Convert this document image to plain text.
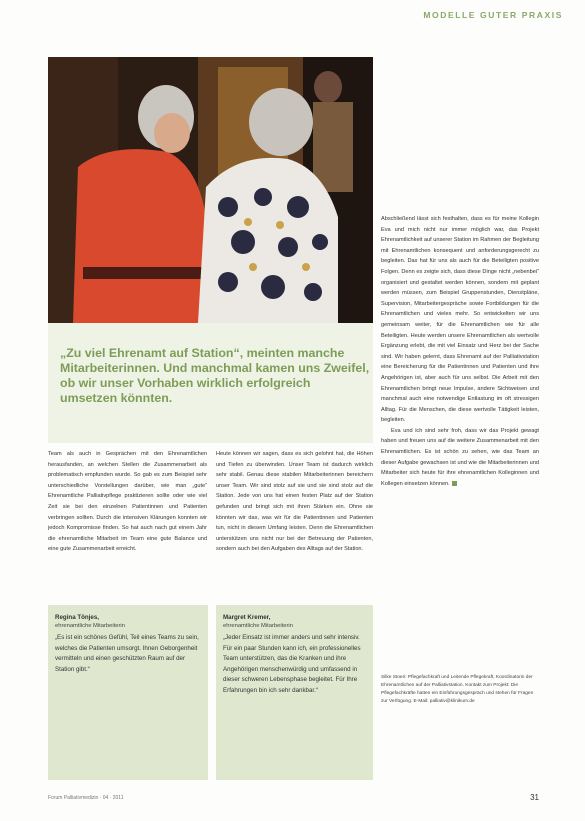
MODELLE GUTER PRAXIS

„Zu viel Ehrenamt auf Station“, meinten manche Mitarbeiterinnen. Und manchmal kamen uns Zweifel, ob wir unser Vorhaben wirklich erfolgreich umsetzen könnten.

Team als auch in Gesprächen mit den Ehrenamtlichen herausfanden, an welchen Stellen die Zusammenarbeit als problematisch empfunden wurde. So gab es zum Beispiel sehr unterschiedliche Vorstellungen darüber, wie man „gute“ Ehrenamtliche Palliativpflege praktizieren sollte oder wie viel Zeit sie bei den einzelnen Patientinnen und Patienten verbringen sollten. Durch die intensiven Klärungen konnten wir jedoch Kompromisse finden. So hat auch nach gut einem Jahr die ehrenamtliche Mitarbeit im Team eine gute Balance und eine gute Zusammenarbeit erreicht.

Heute können wir sagen, dass es sich gelohnt hat, die Höhen und Tiefen zu überwinden. Unser Team ist dadurch wirklich sehr stabil. Genau diese stabilen Mitarbeiterinnen bereichern unser Team. Wir sind stolz auf sie und sie sind stolz auf die Station. Jede von uns hat einen festen Platz auf der Station gefunden und bringt sich mit ihren Stärken ein. Ohne sie könnten wir das, was wir für die Patientinnen und Patienten tun, nicht in diesem Umfang leisten. Denn die Ehrenamtlichen unterstützen uns nicht nur bei der Betreuung der Patienten, sondern auch bei den Aufgaben des Alltags auf der Station.

Abschließend lässt sich festhalten, dass es für meine Kollegin Eva und mich nicht nur immer möglich war, das Projekt Ehrenamtlichkeit auf unserer Station im Rahmen der Begleitung mit Ehrenamtlichen konsequent und anforderungsgerecht zu begleiten. Das hat für uns als auch für die Beteiligten positive Folgen. Denn es zeigte sich, dass diese Dinge nicht „nebenbei“ organisiert und gestaltet werden können, sondern mit geplant werden müssen, zum Beispiel Gruppenstunden, Dienstpläne, Supervision, Mitarbeitergespräche sowie Fortbildungen für die Ehrenamtlichen und vieles mehr. So entwickelten wir uns gemeinsam weiter, für die Ehrenamtlichen wie für alle Beteiligten. Heute werden unsere Ehrenamtlichen als wertvolle Ergänzung erlebt, die mit viel Einsatz und Herz bei der Sache sind. Wir haben gelernt, dass Ehrenamt auf der Palliativstation eine Bereicherung für die Patientinnen und Patienten und ihre Angehörigen ist, aber auch für uns selbst. Die Arbeit mit den Ehrenamtlichen bringt neue Impulse, andere Sichtweisen und manchmal auch eine notwendige Entlastung im oft stressigen Alltag. Für die Menschen, die diese wertvolle Tätigkeit leisten, begleiten.

Eva und ich sind sehr froh, dass wir das Projekt gewagt haben und freuen uns auf die weitere Zusammenarbeit mit den Ehrenamtlichen. Es ist schön zu sehen, wie das Team an dieser Aufgabe gewachsen ist und wie die Mitarbeiterinnen und Mitarbeiter sich heute für ihre ehrenamtlichen Kolleginnen und Kollegen einsetzen können.

Regina Tönjes,
ehrenamtliche Mitarbeiterin
„Es ist ein schönes Gefühl, Teil eines Teams zu sein, welches die Patienten umsorgt. Ihnen Geborgenheit vermitteln und einen geschützten Raum auf der Station gibt.“
Margret Kremer,
ehrenamtliche Mitarbeiterin
„Jeder Einsatz ist immer anders und sehr intensiv. Für ein paar Stunden kann ich, ein professionelles Team unterstützen, das die Kranken und ihre Angehörigen menschenwürdig und umfassend in dieser schweren Lebensphase begleitet. Für Ihre Erfahrungen bin ich sehr dankbar.“

Silke Stoeri: Pflegefachkraft und Leitende Pflegekraft, Koordinatorin der Ehrenamtlichen auf der Palliativstation. Kontakt zum Projekt: Die Pflegefachkräfte hatten ein Einführungsgespräch und stehen für Fragen zur Verfügung. E-Mail: palliativ@klinikum.de

Forum Palliativmedizin · 04 · 2011	31
